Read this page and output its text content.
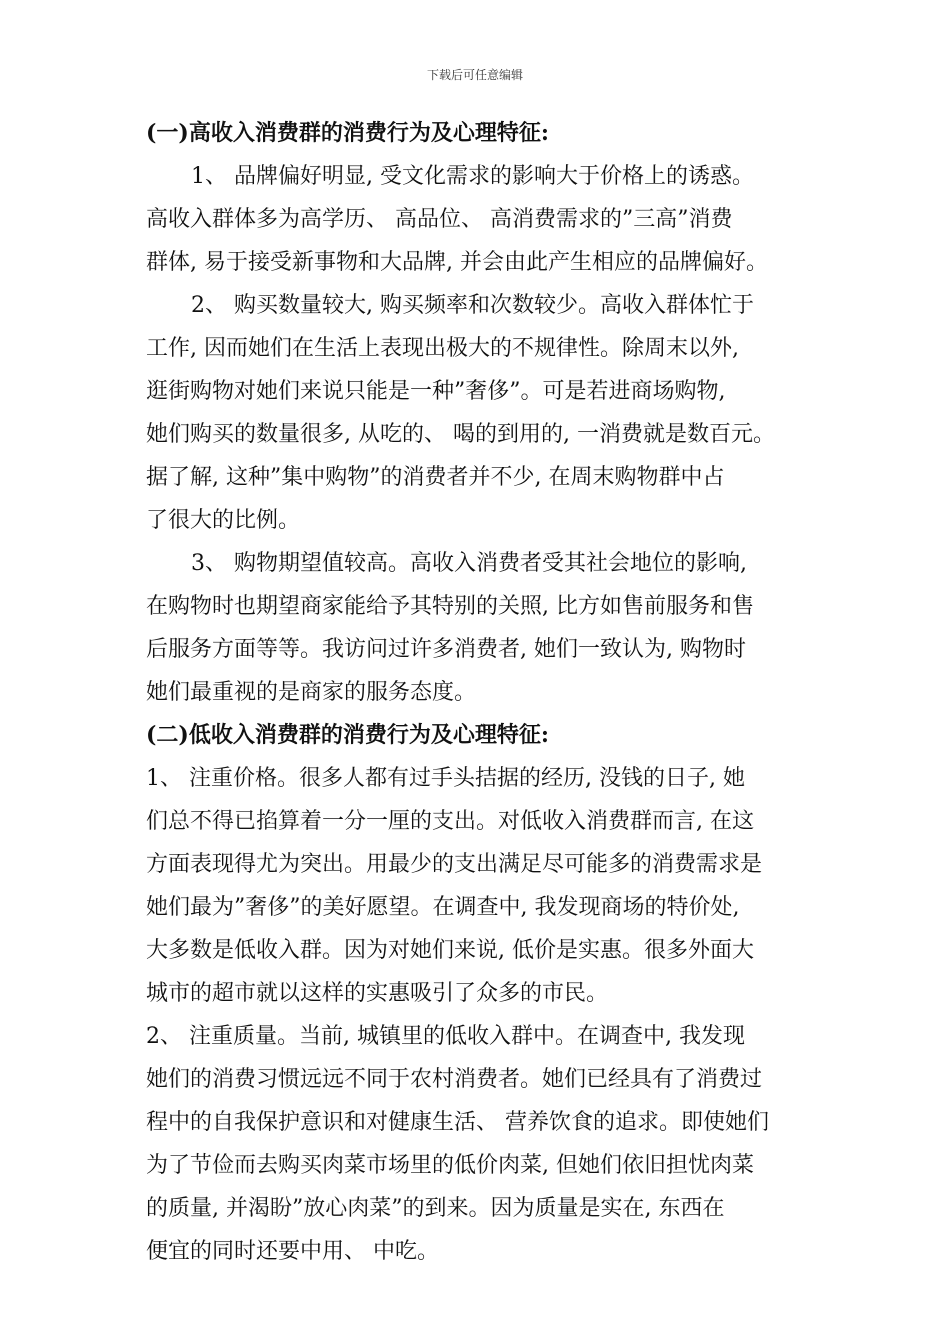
下载后可任意编辑
(一)高收入消费群的消费行为及心理特征:
1、 品牌偏好明显, 受文化需求的影响大于价格上的诱惑。
高收入群体多为高学历、 高品位、 高消费需求的”三高”消费
群体, 易于接受新事物和大品牌, 并会由此产生相应的品牌偏好。
2、 购买数量较大, 购买频率和次数较少。高收入群体忙于
工作, 因而她们在生活上表现出极大的不规律性。除周末以外,
逛街购物对她们来说只能是一种”奢侈”。可是若进商场购物,
她们购买的数量很多, 从吃的、 喝的到用的, 一消费就是数百元。
据了解, 这种”集中购物”的消费者并不少, 在周末购物群中占
了很大的比例。
3、 购物期望值较高。高收入消费者受其社会地位的影响,
在购物时也期望商家能给予其特别的关照, 比方如售前服务和售
后服务方面等等。我访问过许多消费者, 她们一致认为, 购物时
她们最重视的是商家的服务态度。
(二)低收入消费群的消费行为及心理特征:
1、 注重价格。很多人都有过手头拮据的经历, 没钱的日子, 她
们总不得已掐算着一分一厘的支出。对低收入消费群而言, 在这
方面表现得尤为突出。用最少的支出满足尽可能多的消费需求是
她们最为”奢侈”的美好愿望。在调查中, 我发现商场的特价处,
大多数是低收入群。因为对她们来说, 低价是实惠。很多外面大
城市的超市就以这样的实惠吸引了众多的市民。
2、 注重质量。当前, 城镇里的低收入群中。在调查中, 我发现
她们的消费习惯远远不同于农村消费者。她们已经具有了消费过
程中的自我保护意识和对健康生活、 营养饮食的追求。即使她们
为了节俭而去购买肉菜市场里的低价肉菜, 但她们依旧担忧肉菜
的质量, 并渴盼”放心肉菜”的到来。因为质量是实在, 东西在
便宜的同时还要中用、 中吃。
